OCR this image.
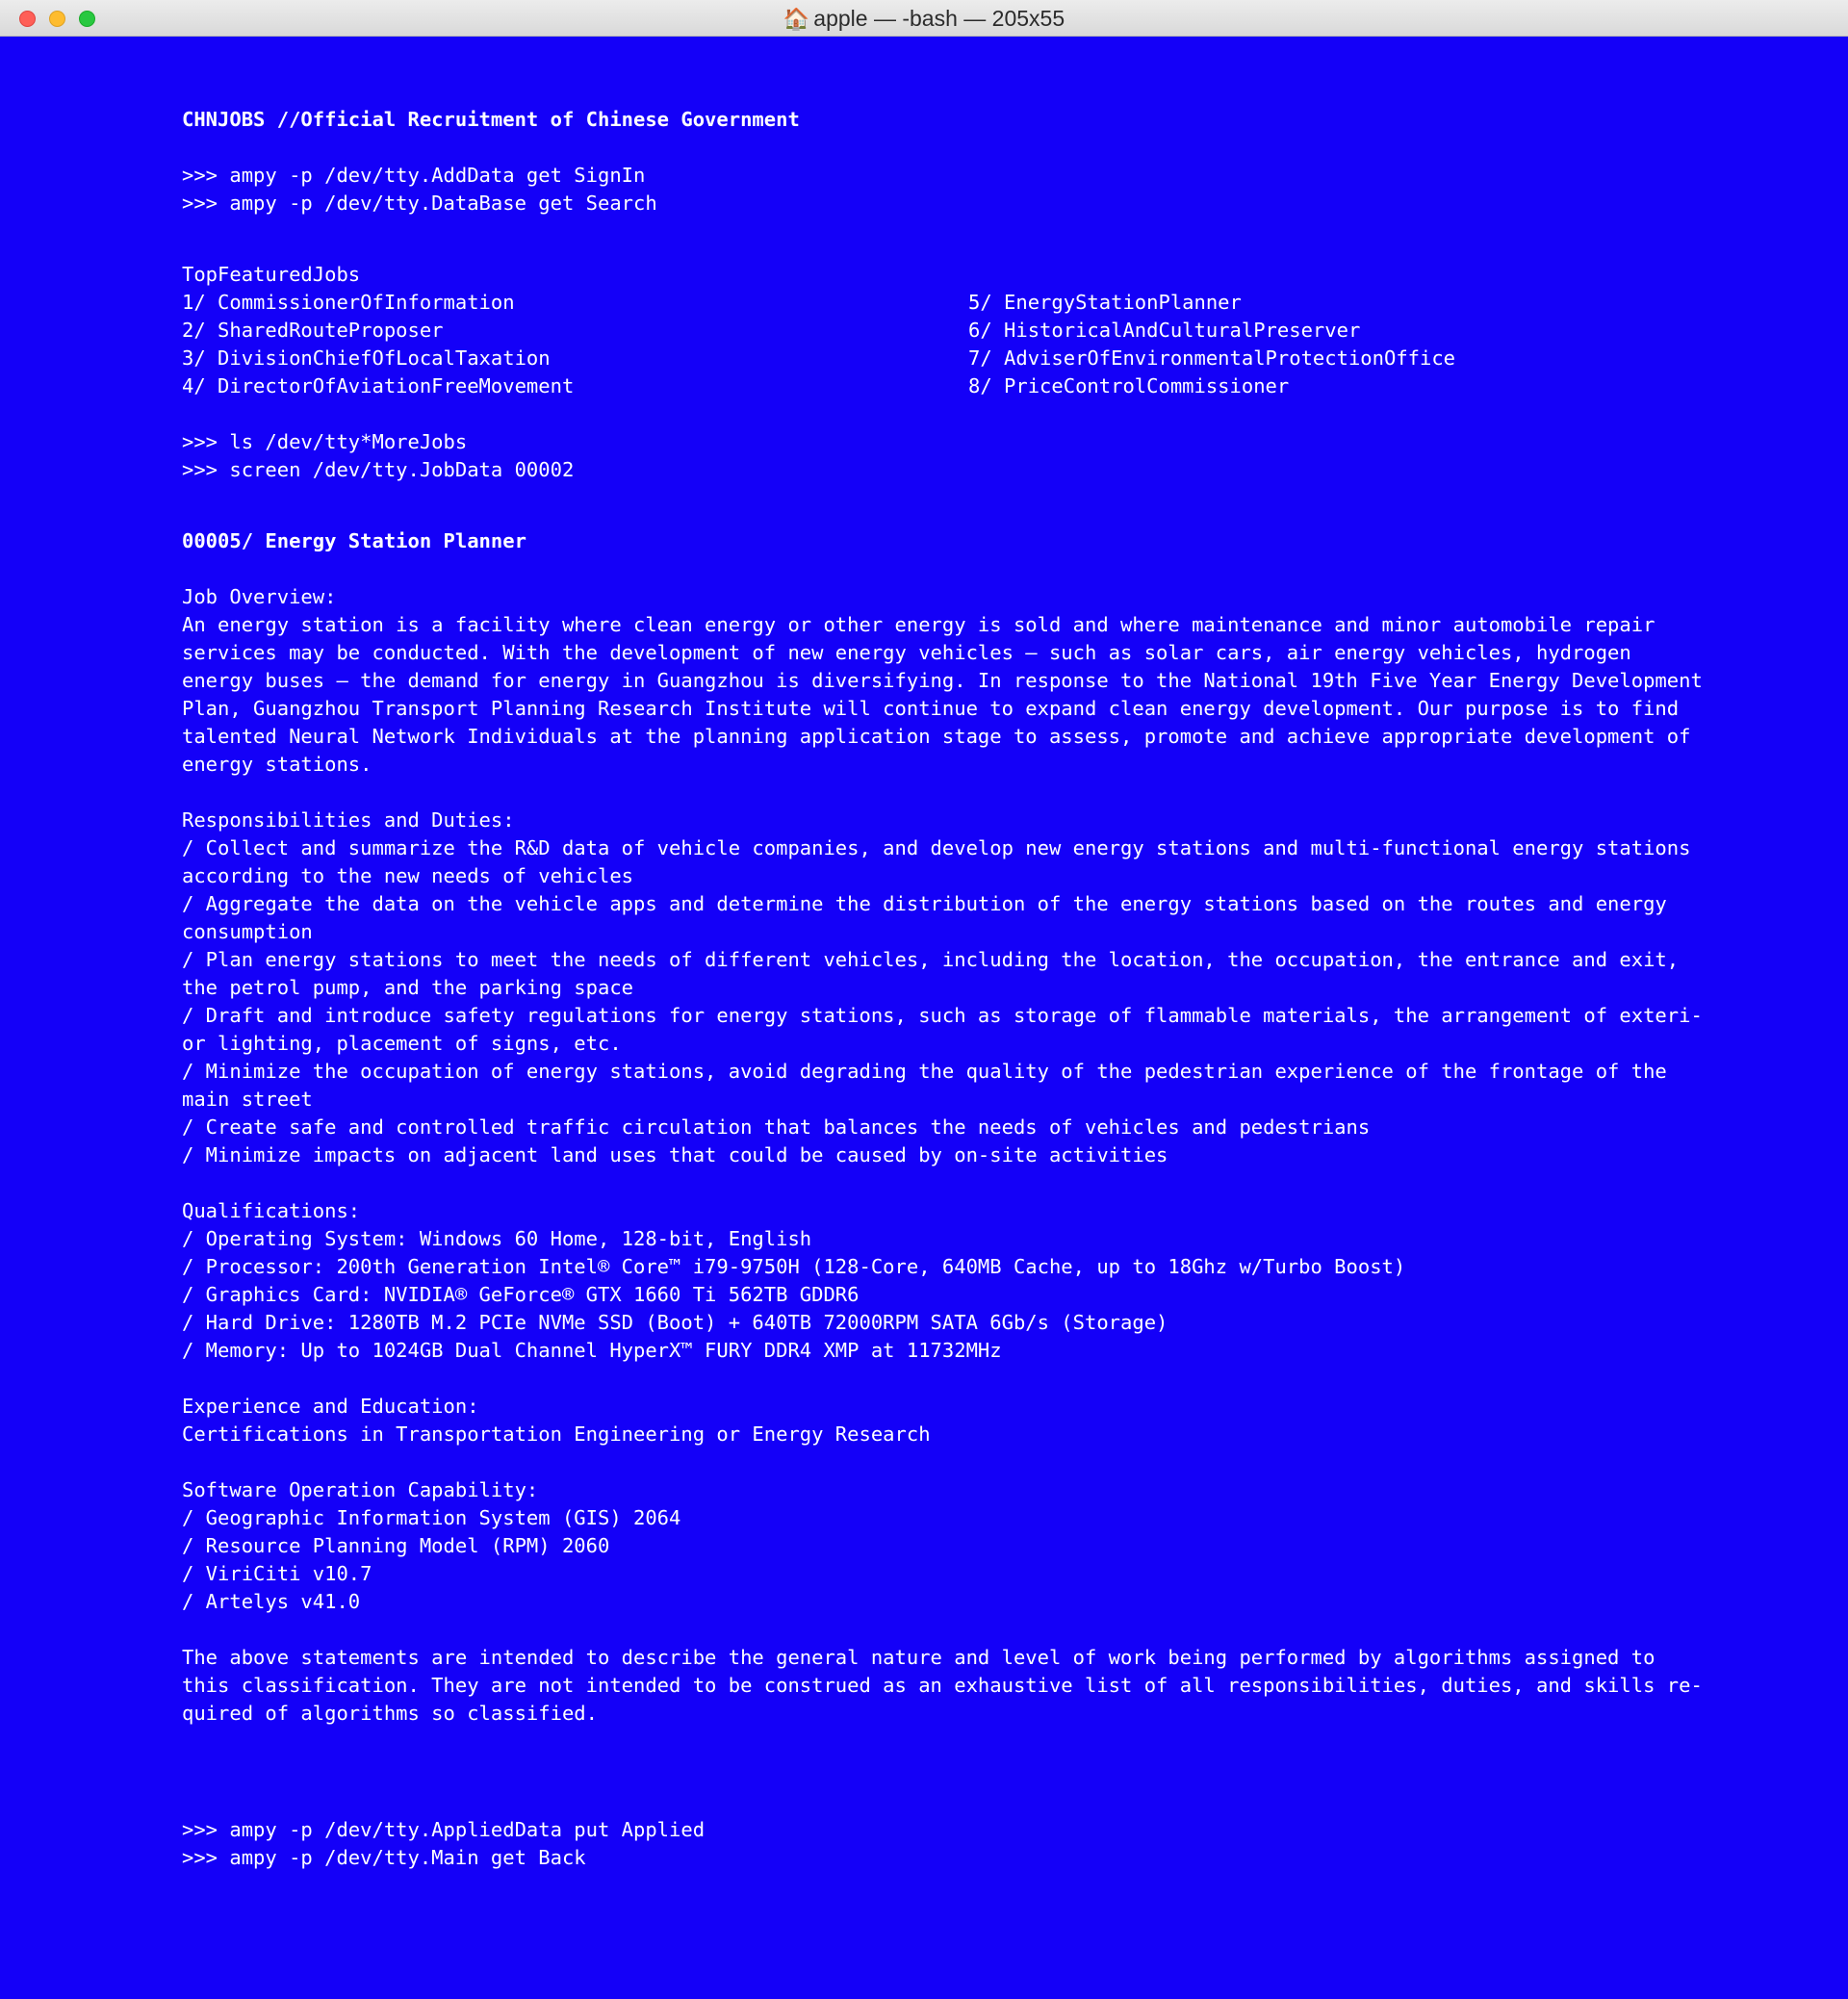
🏠 apple — -bash — 205x55
CHNJOBS //Official Recruitment of Chinese Government
>>> ampy -p /dev/tty.AddData get SignIn
>>> ampy -p /dev/tty.DataBase get Search
TopFeaturedJobs
1/ CommissionerOfInformation	5/ EnergyStationPlanner
2/ SharedRouteProposer	6/ HistoricalAndCulturalPreserver
3/ DivisionChiefOfLocalTaxation	7/ AdviserOfEnvironmentalProtectionOffice
4/ DirectorOfAviationFreeMovement	8/ PriceControlCommissioner
>>> ls /dev/tty*MoreJobs
>>> screen /dev/tty.JobData 00002
00005/ Energy Station Planner
Job Overview:
An energy station is a facility where clean energy or other energy is sold and where maintenance and minor automobile repair
services may be conducted. With the development of new energy vehicles — such as solar cars, air energy vehicles, hydrogen
energy buses — the demand for energy in Guangzhou is diversifying. In response to the National 19th Five Year Energy Development
Plan, Guangzhou Transport Planning Research Institute will continue to expand clean energy development. Our purpose is to find
talented Neural Network Individuals at the planning application stage to assess, promote and achieve appropriate development of
energy stations.
Responsibilities and Duties:
/ Collect and summarize the R&D data of vehicle companies, and develop new energy stations and multi-functional energy stations
according to the new needs of vehicles
/ Aggregate the data on the vehicle apps and determine the distribution of the energy stations based on the routes and energy
consumption
/ Plan energy stations to meet the needs of different vehicles, including the location, the occupation, the entrance and exit,
the petrol pump, and the parking space
/ Draft and introduce safety regulations for energy stations, such as storage of flammable materials, the arrangement of exteri-
or lighting, placement of signs, etc.
/ Minimize the occupation of energy stations, avoid degrading the quality of the pedestrian experience of the frontage of the
main street
/ Create safe and controlled traffic circulation that balances the needs of vehicles and pedestrians
/ Minimize impacts on adjacent land uses that could be caused by on-site activities
Qualifications:
/ Operating System: Windows 60 Home, 128-bit, English
/ Processor: 200th Generation Intel® Core™ i79-9750H (128-Core, 640MB Cache, up to 18Ghz w/Turbo Boost)
/ Graphics Card: NVIDIA® GeForce® GTX 1660 Ti 562TB GDDR6
/ Hard Drive: 1280TB M.2 PCIe NVMe SSD (Boot) + 640TB 72000RPM SATA 6Gb/s (Storage)
/ Memory: Up to 1024GB Dual Channel HyperX™ FURY DDR4 XMP at 11732MHz
Experience and Education:
Certifications in Transportation Engineering or Energy Research
Software Operation Capability:
/ Geographic Information System (GIS) 2064
/ Resource Planning Model (RPM) 2060
/ ViriCiti v10.7
/ Artelys v41.0
The above statements are intended to describe the general nature and level of work being performed by algorithms assigned to
this classification. They are not intended to be construed as an exhaustive list of all responsibilities, duties, and skills re-
quired of algorithms so classified.
>>> ampy -p /dev/tty.AppliedData put Applied
>>> ampy -p /dev/tty.Main get Back
